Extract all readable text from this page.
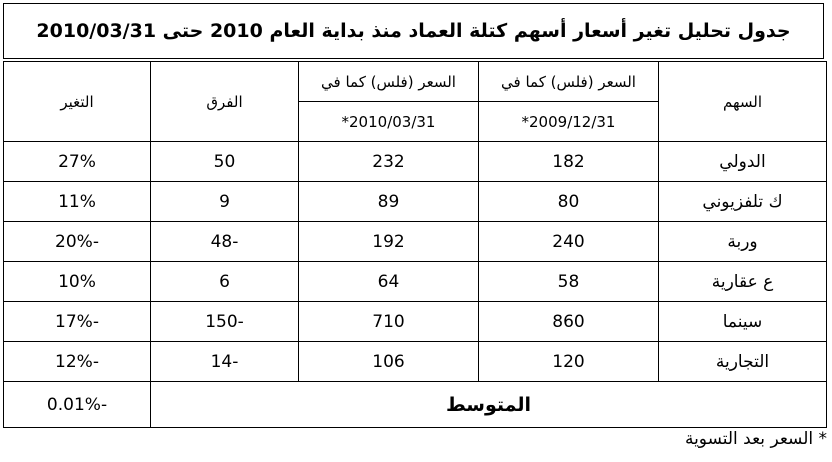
جدول تحليل تغير أسعار أسهم كتلة العماد منذ بداية العام 2010 حتى 2010/03/31
السهم	السعر (فلس) كما في	السعر (فلس) كما في	الفرق	التغير
	2009/12/31*	2010/03/31*		
الدولي	182	232	50	27%
ك تلفزيوني	80	89	9	11%
وربة	240	192	-48	-20%
ع عقارية	58	64	6	10%
سينما	860	710	-150	-17%
التجارية	120	106	-14	-12%
المتوسط				-0.01%
* السعر بعد التسوية
